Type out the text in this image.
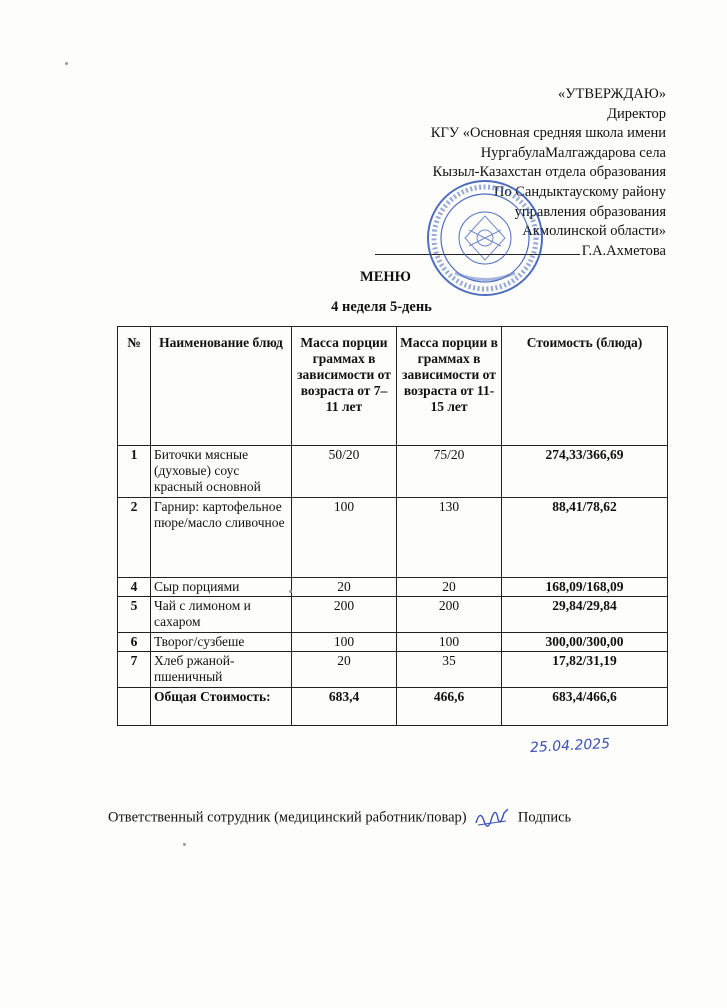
«УТВЕРЖДАЮ»
Директор
КГУ «Основная средняя школа имени
НургабулаМалгаждарова села
Кызыл-Казахстан отдела образования
По Сандыктаускому району
управления образования
Акмолинской области»
Г.А.Ахметова
МЕНЮ
4 неделя 5-день
№	Наименование блюд	Масса порции граммах в зависимости от возраста от 7–11 лет	Масса порции в граммах в зависимости от возраста от 11-15 лет	Стоимость (блюда)
1	Биточки мясные (духовые) соус красный основной	50/20	75/20	274,33/366,69
2	Гарнир: картофельное пюре/масло сливочное	100	130	88,41/78,62
4	Сыр порциями	20	20	168,09/168,09
5	Чай с лимоном и сахаром	200	200	29,84/29,84
6	Творог/сузбеше	100	100	300,00/300,00
7	Хлеб ржаной-пшеничный	20	35	17,82/31,19
	Общая Стоимость:	683,4	466,6	683,4/466,6
25.04.2025
Ответственный сотрудник (медицинский работник/повар)	Подпись
